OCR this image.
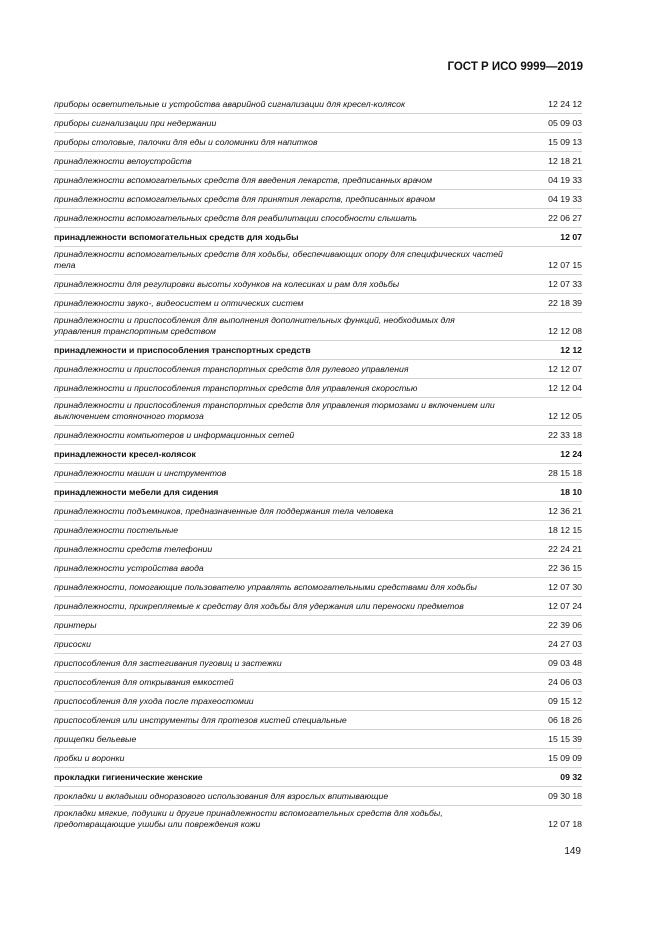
ГОСТ Р ИСО 9999—2019
приборы осветительные и устройства аварийной сигнализации для кресел-колясок	12 24 12
приборы сигнализации при недержании	05 09 03
приборы столовые, палочки для еды и соломинки для напитков	15 09 13
принадлежности велоустройств	12 18 21
принадлежности вспомогательных средств для введения лекарств, предписанных врачом	04 19 33
принадлежности вспомогательных средств для принятия лекарств, предписанных врачом	04 19 33
принадлежности вспомогательных средств для реабилитации способности слышать	22 06 27
принадлежности вспомогательных средств для ходьбы	12 07
принадлежности вспомогательных средств для ходьбы, обеспечивающих опору для специфических частей тела	12 07 15
принадлежности для регулировки высоты ходунков на колесиках и рам для ходьбы	12 07 33
принадлежности звуко-, видеосистем и оптических систем	22 18 39
принадлежности и приспособления для выполнения дополнительных функций, необходимых для управления транспортным средством	12 12 08
принадлежности и приспособления транспортных средств	12 12
принадлежности и приспособления транспортных средств для рулевого управления	12 12 07
принадлежности и приспособления транспортных средств для управления скоростью	12 12 04
принадлежности и приспособления транспортных средств для управления тормозами и включением или выключением стояночного тормоза	12 12 05
принадлежности компьютеров и информационных сетей	22 33 18
принадлежности кресел-колясок	12 24
принадлежности машин и инструментов	28 15 18
принадлежности мебели для сидения	18 10
принадлежности подъемников, предназначенные для поддержания тела человека	12 36 21
принадлежности постельные	18 12 15
принадлежности средств телефонии	22 24 21
принадлежности устройства ввода	22 36 15
принадлежности, помогающие пользователю управлять вспомогательными средствами для ходьбы	12 07 30
принадлежности, прикрепляемые к средству для ходьбы для удержания или переноски предметов	12 07 24
принтеры	22 39 06
присоски	24 27 03
приспособления для застегивания пуговиц и застежки	09 03 48
приспособления для открывания емкостей	24 06 03
приспособления для ухода после трахеостомии	09 15 12
приспособления или инструменты для протезов кистей специальные	06 18 26
прищепки бельевые	15 15 39
пробки и воронки	15 09 09
прокладки гигиенические женские	09 32
прокладки и вкладыши одноразового использования для взрослых впитывающие	09 30 18
прокладки мягкие, подушки и другие принадлежности вспомогательных средств для ходьбы, предотвращающие ушибы или повреждения кожи	12 07 18
149
